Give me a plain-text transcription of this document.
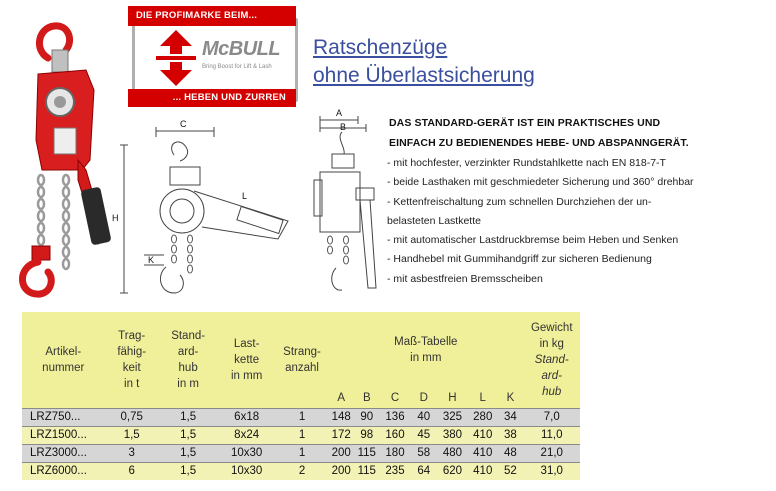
DIE PROFIMARKE BEIM...
McBULL
Bring Boost for Lift & Lash
... HEBEN UND ZURREN
Ratschenzüge
ohne Überlastsicherung
C
H
L
K
A
B	DAS STANDARD-GERÄT IST EIN PRAKTISCHES UND
EINFACH ZU BEDIENENDES HEBE- UND ABSPANNGERÄT.
- mit hochfester, verzinkter Rundstahlkette nach EN 818-7-T
- beide Lasthaken mit geschmiedeter Sicherung und 360° drehbar
- Kettenfreischaltung zum schnellen Durchziehen der un-
belasteten Lastkette
- mit automatischer Lastdruckbremse beim Heben und Senken
- Handhebel mit Gummihandgriff zur sicheren Bedienung
- mit asbestfreien Bremsscheiben
Artikel-
nummer	Trag-
fähig-
keit
in t	Stand-
ard-
hub
in m	Last-
kette
in mm	Strang-
anzahl	Maß-Tabelle
in mm							Gewicht
in kg
Stand-
ard-
hub
					A	B	C	D	H	L	K	
LRZ750...	0,75	1,5	6x18	1	148	90	136	40	325	280	34	7,0
LRZ1500...	1,5	1,5	8x24	1	172	98	160	45	380	410	38	11,0
LRZ3000...	3	1,5	10x30	1	200	115	180	58	480	410	48	21,0
LRZ6000...	6	1,5	10x30	2	200	115	235	64	620	410	52	31,0
